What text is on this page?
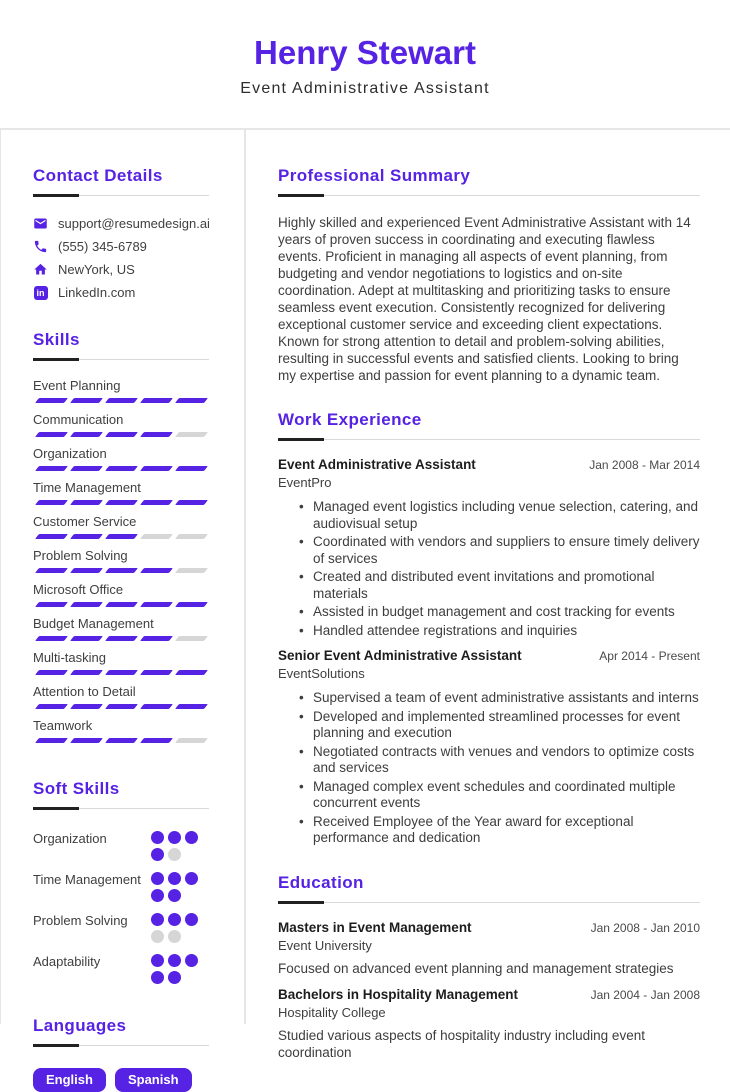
Henry Stewart
Event Administrative Assistant
Contact Details
support@resumedesign.ai
(555) 345-6789
NewYork, US
in LinkedIn.com
Skills
Event Planning
Communication
Organization
Time Management
Customer Service
Problem Solving
Microsoft Office
Budget Management
Multi-tasking
Attention to Detail
Teamwork
Soft Skills
Organization
Time Management
Problem Solving
Adaptability
Languages
English	Spanish
Professional Summary
Highly skilled and experienced Event Administrative Assistant with 14 years of proven success in coordinating and executing flawless events. Proficient in managing all aspects of event planning, from budgeting and vendor negotiations to logistics and on-site coordination. Adept at multitasking and prioritizing tasks to ensure seamless event execution. Consistently recognized for delivering exceptional customer service and exceeding client expectations. Known for strong attention to detail and problem-solving abilities, resulting in successful events and satisfied clients. Looking to bring my expertise and passion for event planning to a dynamic team.
Work Experience
Event Administrative Assistant	Jan 2008 - Mar 2014
EventPro
• Managed event logistics including venue selection, catering, and audiovisual setup
• Coordinated with vendors and suppliers to ensure timely delivery of services
• Created and distributed event invitations and promotional materials
• Assisted in budget management and cost tracking for events
• Handled attendee registrations and inquiries
Senior Event Administrative Assistant	Apr 2014 - Present
EventSolutions
• Supervised a team of event administrative assistants and interns
• Developed and implemented streamlined processes for event planning and execution
• Negotiated contracts with venues and vendors to optimize costs and services
• Managed complex event schedules and coordinated multiple concurrent events
• Received Employee of the Year award for exceptional performance and dedication
Education
Masters in Event Management	Jan 2008 - Jan 2010
Event University
Focused on advanced event planning and management strategies
Bachelors in Hospitality Management	Jan 2004 - Jan 2008
Hospitality College
Studied various aspects of hospitality industry including event coordination
